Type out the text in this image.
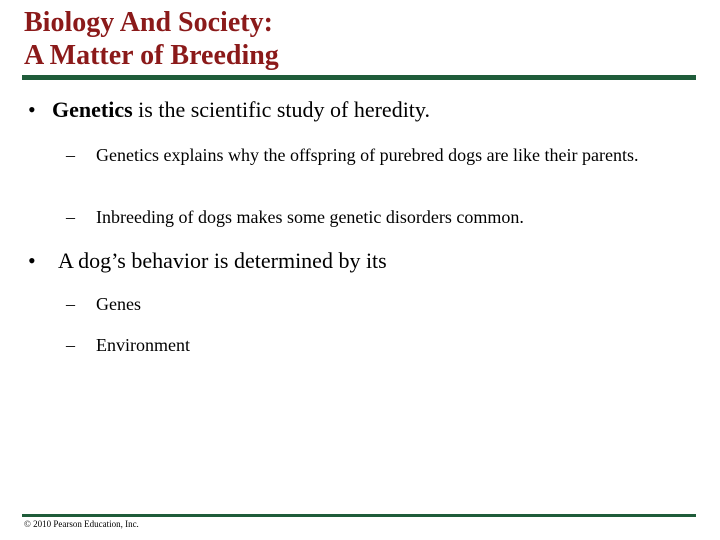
Biology And Society:
A Matter of Breeding
• Genetics is the scientific study of heredity.
– Genetics explains why the offspring of purebred dogs are like their parents.
– Inbreeding of dogs makes some genetic disorders common.
• A dog’s behavior is determined by its
– Genes
– Environment
© 2010 Pearson Education, Inc.
